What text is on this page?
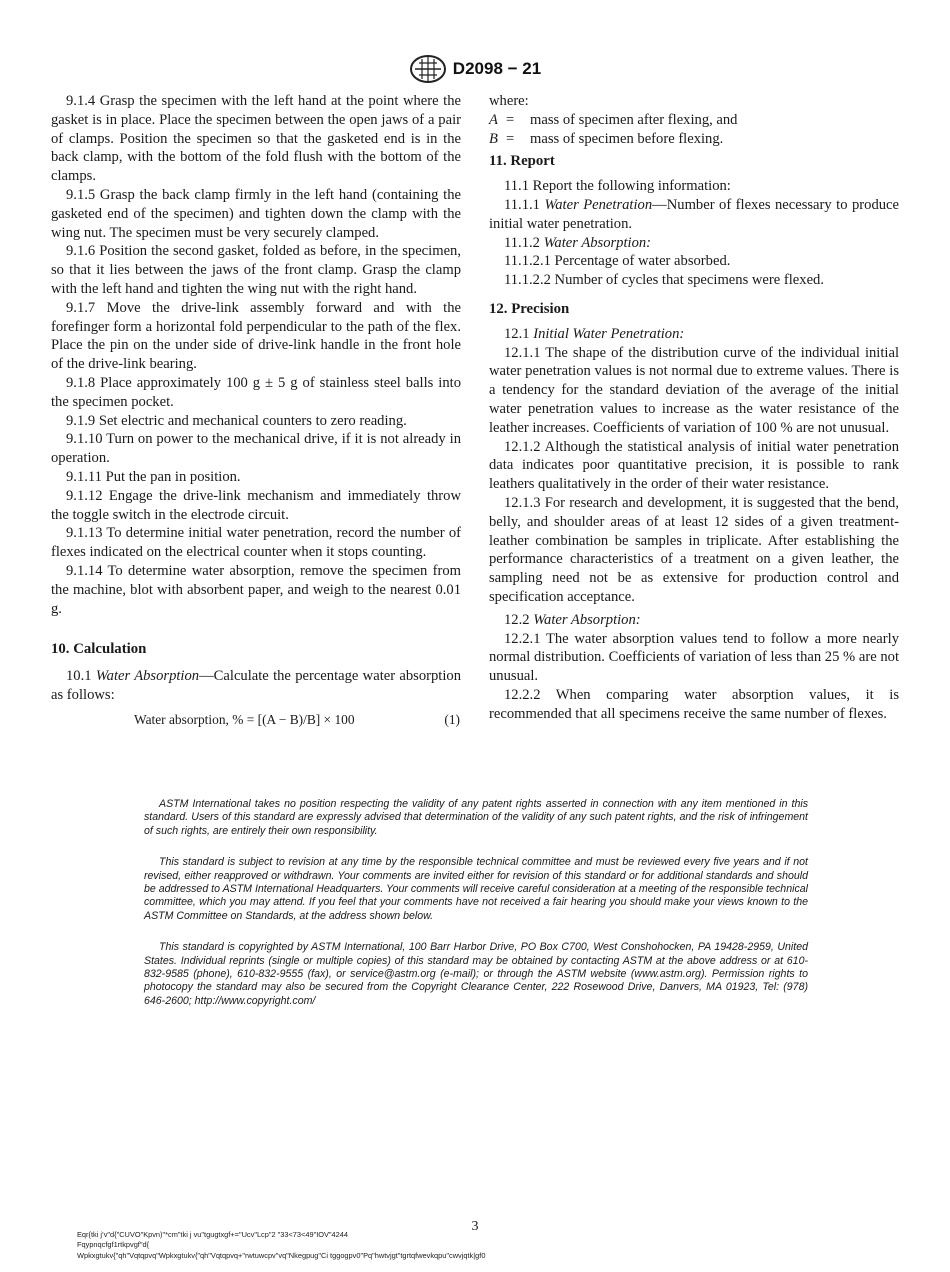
D2098 − 21

9.1.4 Grasp the specimen with the left hand at the point where the gasket is in place. Place the specimen between the open jaws of a pair of clamps. Position the specimen so that the gasketed end is in the back clamp, with the bottom of the fold flush with the bottom of the clamps.

9.1.5 Grasp the back clamp firmly in the left hand (containing the gasketed end of the specimen) and tighten down the clamp with the wing nut. The specimen must be very securely clamped.

9.1.6 Position the second gasket, folded as before, in the specimen, so that it lies between the jaws of the front clamp. Grasp the clamp with the left hand and tighten the wing nut with the right hand.

9.1.7 Move the drive-link assembly forward and with the forefinger form a horizontal fold perpendicular to the path of the flex. Place the pin on the under side of drive-link handle in the front hole of the drive-link bearing.

9.1.8 Place approximately 100 g ± 5 g of stainless steel balls into the specimen pocket.

9.1.9 Set electric and mechanical counters to zero reading.

9.1.10 Turn on power to the mechanical drive, if it is not already in operation.

9.1.11 Put the pan in position.

9.1.12 Engage the drive-link mechanism and immediately throw the toggle switch in the electrode circuit.

9.1.13 To determine initial water penetration, record the number of flexes indicated on the electrical counter when it stops counting.

9.1.14 To determine water absorption, remove the specimen from the machine, blot with absorbent paper, and weigh to the nearest 0.01 g.

10. Calculation

10.1 Water Absorption—Calculate the percentage water absorption as follows:

Water absorption, % = [(A − B)/B] × 100	(1)

where:

A =	mass of specimen after flexing, and
B =	mass of specimen before flexing.
11. Report

11.1 Report the following information:

11.1.1 Water Penetration—Number of flexes necessary to produce initial water penetration.

11.1.2 Water Absorption:

11.1.2.1 Percentage of water absorbed.

11.1.2.2 Number of cycles that specimens were flexed.

12. Precision

12.1 Initial Water Penetration:

12.1.1 The shape of the distribution curve of the individual initial water penetration values is not normal due to extreme values. There is a tendency for the standard deviation of the average of the initial water penetration values to increase as the water resistance of the leather increases. Coefficients of variation of 100 % are not unusual.

12.1.2 Although the statistical analysis of initial water penetration data indicates poor quantitative precision, it is possible to rank leathers qualitatively in the order of their water resistance.

12.1.3 For research and development, it is suggested that the bend, belly, and shoulder areas of at least 12 sides of a given treatment-leather combination be samples in triplicate. After establishing the performance characteristics of a treatment on a given leather, the sampling need not be as extensive for production control and specification acceptance.

12.2 Water Absorption:

12.2.1 The water absorption values tend to follow a more nearly normal distribution. Coefficients of variation of less than 25 % are not unusual.

12.2.2 When comparing water absorption values, it is recommended that all specimens receive the same number of flexes.

ASTM International takes no position respecting the validity of any patent rights asserted in connection with any item mentioned in this standard. Users of this standard are expressly advised that determination of the validity of any such patent rights, and the risk of infringement of such rights, are entirely their own responsibility.

This standard is subject to revision at any time by the responsible technical committee and must be reviewed every five years and if not revised, either reapproved or withdrawn. Your comments are invited either for revision of this standard or for additional standards and should be addressed to ASTM International Headquarters. Your comments will receive careful consideration at a meeting of the responsible technical committee, which you may attend. If you feel that your comments have not received a fair hearing you should make your views known to the ASTM Committee on Standards, at the address shown below.

This standard is copyrighted by ASTM International, 100 Barr Harbor Drive, PO Box C700, West Conshohocken, PA 19428-2959, United States. Individual reprints (single or multiple copies) of this standard may be obtained by contacting ASTM at the above address or at 610-832-9585 (phone), 610-832-9555 (fax), or service@astm.org (e-mail); or through the ASTM website (www.astm.org). Permission rights to photocopy the standard may also be secured from the Copyright Clearance Center, 222 Rosewood Drive, Danvers, MA 01923, Tel: (978) 646-2600; http://www.copyright.com/

3
Eqr{tki j’v"d{"CUVO"Kpvn)"*cm"tki j vu"tgugtxgf+="Ucv"Lcp"2 "33<73<49"IOV"4244
Fqypnqcfgf1rtkpvgf"d{
Wpkxgtukv{"qh"Vqtqpvq"Wpkxgtukv{"qh"Vqtqpvq+"rwtuwcpv"vq"Nkegpug"Ci tggogpv0"Pq"hwtvjgt"tgrtqfwevkqpu"cwvjqtk|gf0
